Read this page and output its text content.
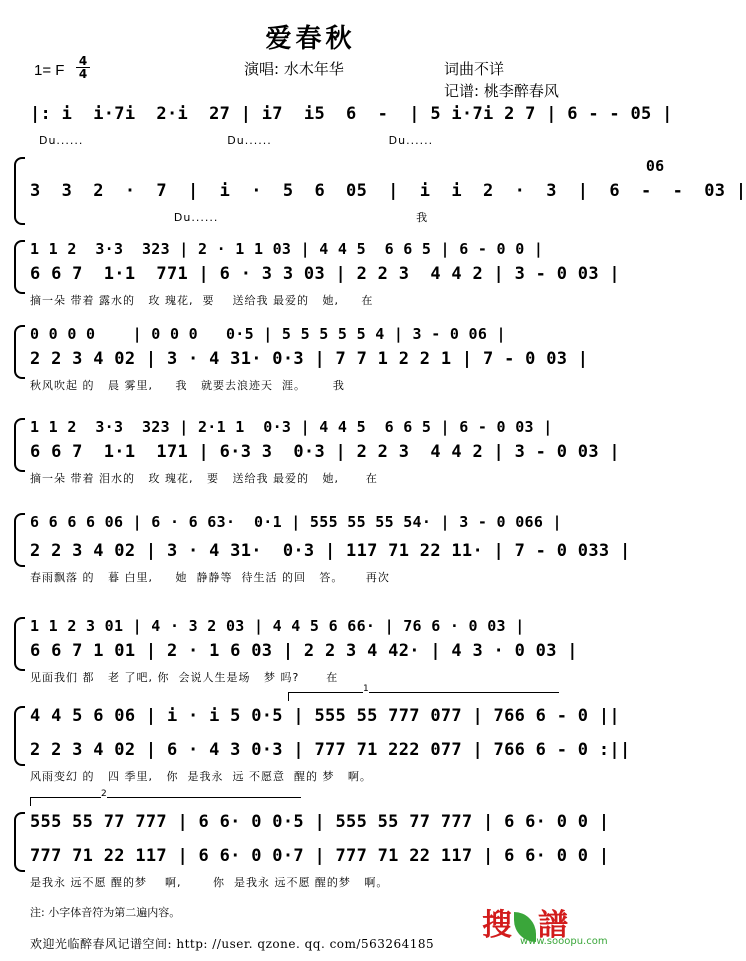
爱春秋
1= F
4
4	演唱: 水木年华	词曲不详
记谱: 桃李醉春风
|: i  i·7i  2·i  27 | i7  i5  6  -  | 5 i·7i 2 7 | 6 - - 05 |
Du......                                Du......                          Du......
06
3  3  2  ·  7  |  i  ·  5  6  05  |  i  i  2  ·  3  |  6  -  -  03 |
Du......                                            我
1 1 2  3·3  323 | 2 · 1 1 03 | 4 4 5  6 6 5 | 6 - 0 0 |
6 6 7  1·1  771 | 6 · 3 3 03 | 2 2 3  4 4 2 | 3 - 0 03 |
摘一朵 带着 露水的   玫 瑰花,  要    送给我 最爱的   她,     在
0 0 0 0    | 0 0 0   0·5 | 5 5 5 5 5 4 | 3 - 0 06 |
2 2 3 4 02 | 3 · 4 31· 0·3 | 7 7 1 2 2 1 | 7 - 0 03 |
秋风吹起 的   晨 雾里,     我   就要去浪迹天  涯。      我
1 1 2  3·3  323 | 2·1 1  0·3 | 4 4 5  6 6 5 | 6 - 0 03 |
6 6 7  1·1  171 | 6·3 3  0·3 | 2 2 3  4 4 2 | 3 - 0 03 |
摘一朵 带着 泪水的   玫 瑰花,   要   送给我 最爱的   她,      在
6 6 6 6 06 | 6 · 6 63·  0·1 | 555 55 55 54· | 3 - 0 066 |
2 2 3 4 02 | 3 · 4 31·  0·3 | 117 71 22 11· | 7 - 0 033 |
春雨飘落 的   暮 白里,     她  静静等  待生活 的回   答。     再次
1 1 2 3 01 | 4 · 3 2 03 | 4 4 5 6 66· | 76 6 · 0 03 |
6 6 7 1 01 | 2 · 1 6 03 | 2 2 3 4 42· | 4 3 · 0 03 |
见面我们 都   老 了吧, 你  会说人生是场   梦 吗?      在
1
4 4 5 6 06 | i · i 5 0·5 | 555 55 777 077 | 766 6 - 0 ||
2 2 3 4 02 | 6 · 4 3 0·3 | 777 71 222 077 | 766 6 - 0 :||
风雨变幻 的   四 季里,   你  是我永  远 不愿意  醒的 梦   啊。
2
555 55 77 777 | 6 6· 0 0·5 | 555 55 77 777 | 6 6· 0 0 |
777 71 22 117 | 6 6· 0 0·7 | 777 71 22 117 | 6 6· 0 0 |
是我永 远不愿 醒的梦    啊,       你  是我永 远不愿 醒的梦   啊。
注: 小字体音符为第二遍内容。
欢迎光临醉春风记谱空间: http: //user. qzone. qq. com/563264185
搜 譜
www.sooopu.com
